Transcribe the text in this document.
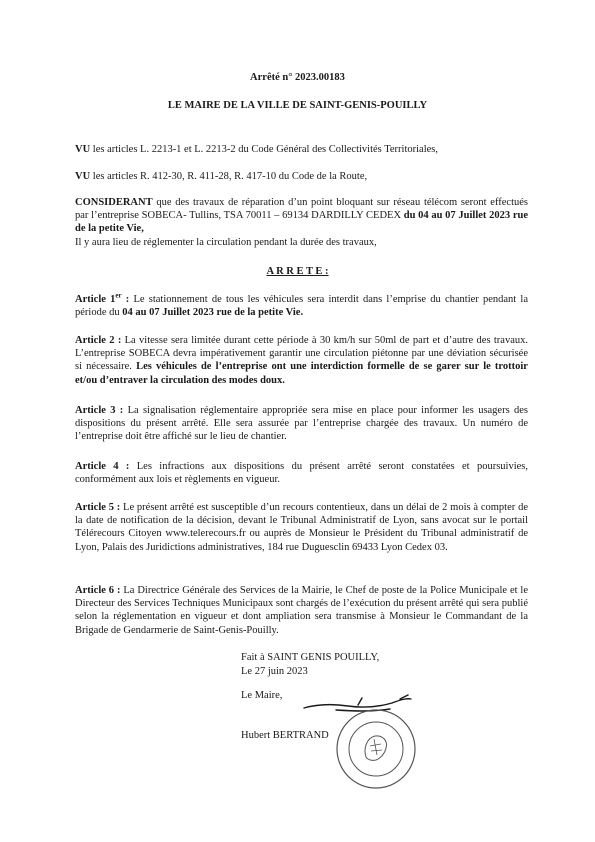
Arrêté n° 2023.00183
LE MAIRE DE LA VILLE DE SAINT-GENIS-POUILLY
VU les articles L. 2213-1 et L. 2213-2 du Code Général des Collectivités Territoriales,
VU les articles R. 412-30, R. 411-28, R. 417-10 du Code de la Route,
CONSIDERANT que des travaux de réparation d’un point bloquant sur réseau télécom seront effectués par l’entreprise SOBECA- Tullins, TSA 70011 – 69134 DARDILLY CEDEX du 04 au 07 Juillet 2023 rue de la petite Vie,
Il y aura lieu de réglementer la circulation pendant la durée des travaux,
A R R E T E :
Article 1er : Le stationnement de tous les véhicules sera interdit dans l’emprise du chantier pendant la période du 04 au 07 Juillet 2023 rue de la petite Vie.
Article 2 : La vitesse sera limitée durant cette période à 30 km/h sur 50ml de part et d’autre des travaux. L’entreprise SOBECA devra impérativement garantir une circulation piétonne par une déviation sécurisée si nécessaire. Les véhicules de l’entreprise ont une interdiction formelle de se garer sur le trottoir et/ou d’entraver la circulation des modes doux.
Article 3 : La signalisation réglementaire appropriée sera mise en place pour informer les usagers des dispositions du présent arrêté. Elle sera assurée par l’entreprise chargée des travaux. Un numéro de l’entreprise doit être affiché sur le lieu de chantier.
Article 4 : Les infractions aux dispositions du présent arrêté seront constatées et poursuivies, conformément aux lois et règlements en vigueur.
Article 5 : Le présent arrêté est susceptible d’un recours contentieux, dans un délai de 2 mois à compter de la date de notification de la décision, devant le Tribunal Administratif de Lyon, sans avocat sur le portail Télérecours Citoyen www.telerecours.fr ou auprès de Monsieur le Président du Tribunal administratif de Lyon, Palais des Juridictions administratives, 184 rue Duguesclin 69433 Lyon Cedex 03.
Article 6 : La Directrice Générale des Services de la Mairie, le Chef de poste de la Police Municipale et le Directeur des Services Techniques Municipaux sont chargés de l’exécution du présent arrêté qui sera publié selon la réglementation en vigueur et dont ampliation sera transmise à Monsieur le Commandant de la Brigade de Gendarmerie de Saint-Genis-Pouilly.
Fait à SAINT GENIS POUILLY,
Le 27 juin 2023
Le Maire,
Hubert BERTRAND
